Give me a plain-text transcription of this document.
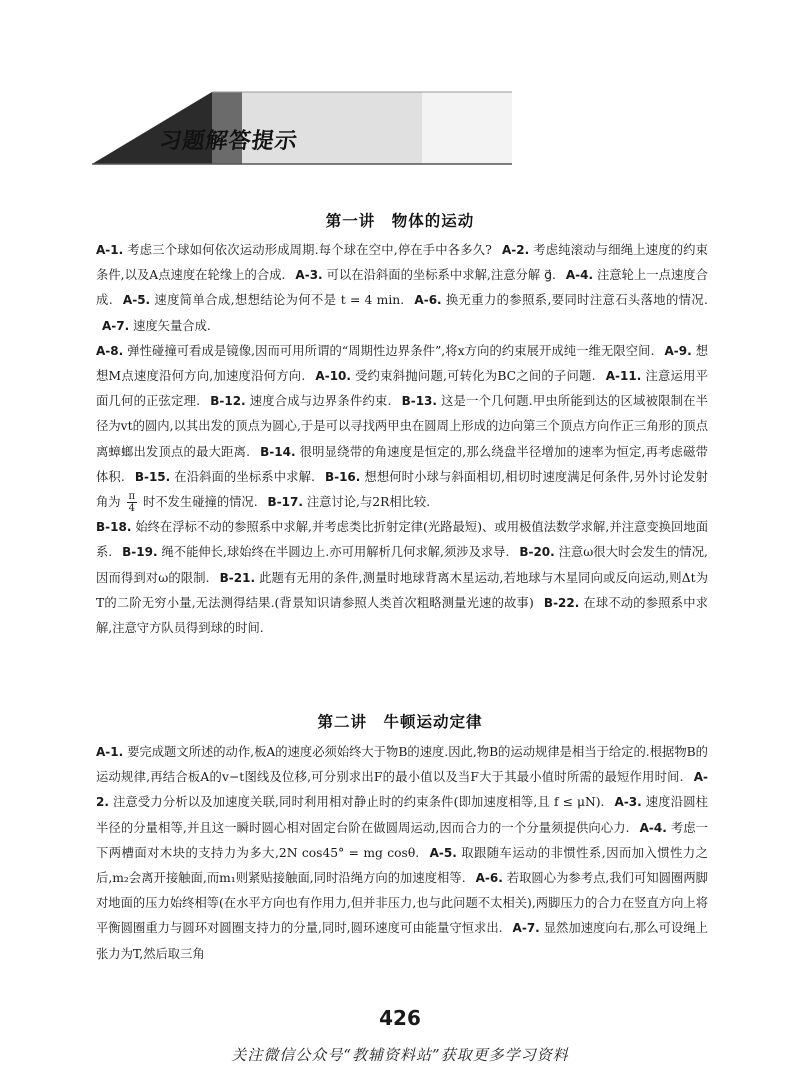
习题解答提示
第一讲　物体的运动

A-1. 考虑三个球如何依次运动形成周期.每个球在空中,停在手中各多久? A-2. 考虑纯滚动与细绳上速度的约束条件,以及A点速度在轮缘上的合成. A-3. 可以在沿斜面的坐标系中求解,注意分解 g⃗. A-4. 注意轮上一点速度合成. A-5. 速度简单合成,想想结论为何不是 t = 4 min. A-6. 换无重力的参照系,要同时注意石头落地的情况. A-7. 速度矢量合成.
A-8. 弹性碰撞可看成是镜像,因而可用所谓的“周期性边界条件”,将x方向的约束展开成纯一维无限空间. A-9. 想想M点速度沿何方向,加速度沿何方向. A-10. 受约束斜抛问题,可转化为BC之间的子问题. A-11. 注意运用平面几何的正弦定理. B-12. 速度合成与边界条件约束. B-13. 这是一个几何题.甲虫所能到达的区域被限制在半径为vt的圆内,以其出发的顶点为圆心,于是可以寻找两甲虫在圆周上形成的边向第三个顶点方向作正三角形的顶点离蟑螂出发顶点的最大距离. B-14. 很明显绕带的角速度是恒定的,那么绕盘半径增加的速率为恒定,再考虑磁带体积. B-15. 在沿斜面的坐标系中求解. B-16. 想想何时小球与斜面相切,相切时速度满足何条件,另外讨论发射角为 $\frac{\pi}{4}$ 时不发生碰撞的情况. B-17. 注意讨论,与2R相比较.
B-18. 始终在浮标不动的参照系中求解,并考虑类比折射定律(光路最短)、或用极值法数学求解,并注意变换回地面系. B-19. 绳不能伸长,球始终在半圆边上.亦可用解析几何求解,须涉及求导. B-20. 注意ω很大时会发生的情况,因而得到对ω的限制. B-21. 此题有无用的条件,测量时地球背离木星运动,若地球与木星同向或反向运动,则Δt为T的二阶无穷小量,无法测得结果.(背景知识请参照人类首次粗略测量光速的故事) B-22. 在球不动的参照系中求解,注意守方队员得到球的时间.

第二讲　牛顿运动定律

A-1. 要完成题文所述的动作,板A的速度必须始终大于物B的速度.因此,物B的运动规律是相当于给定的.根据物B的运动规律,再结合板A的v−t图线及位移,可分别求出F的最小值以及当F大于其最小值时所需的最短作用时间. A-2. 注意受力分析以及加速度关联,同时利用相对静止时的约束条件(即加速度相等,且 f ≤ μN). A-3. 速度沿圆柱半径的分量相等,并且这一瞬时圆心相对固定台阶在做圆周运动,因而合力的一个分量须提供向心力. A-4. 考虑一下两槽面对木块的支持力为多大,2N cos45° = mg cosθ. A-5. 取跟随车运动的非惯性系,因而加入惯性力之后,m₂会离开接触面,而m₁则紧贴接触面,同时沿绳方向的加速度相等. A-6. 若取圆心为参考点,我们可知圆圈两脚对地面的压力始终相等(在水平方向也有作用力,但并非压力,也与此问题不太相关),两脚压力的合力在竖直方向上将平衡圆圈重力与圆环对圆圈支持力的分量,同时,圆环速度可由能量守恒求出. A-7. 显然加速度向右,那么可设绳上张力为T,然后取三角

426
关注微信公众号“教辅资料站”获取更多学习资料
